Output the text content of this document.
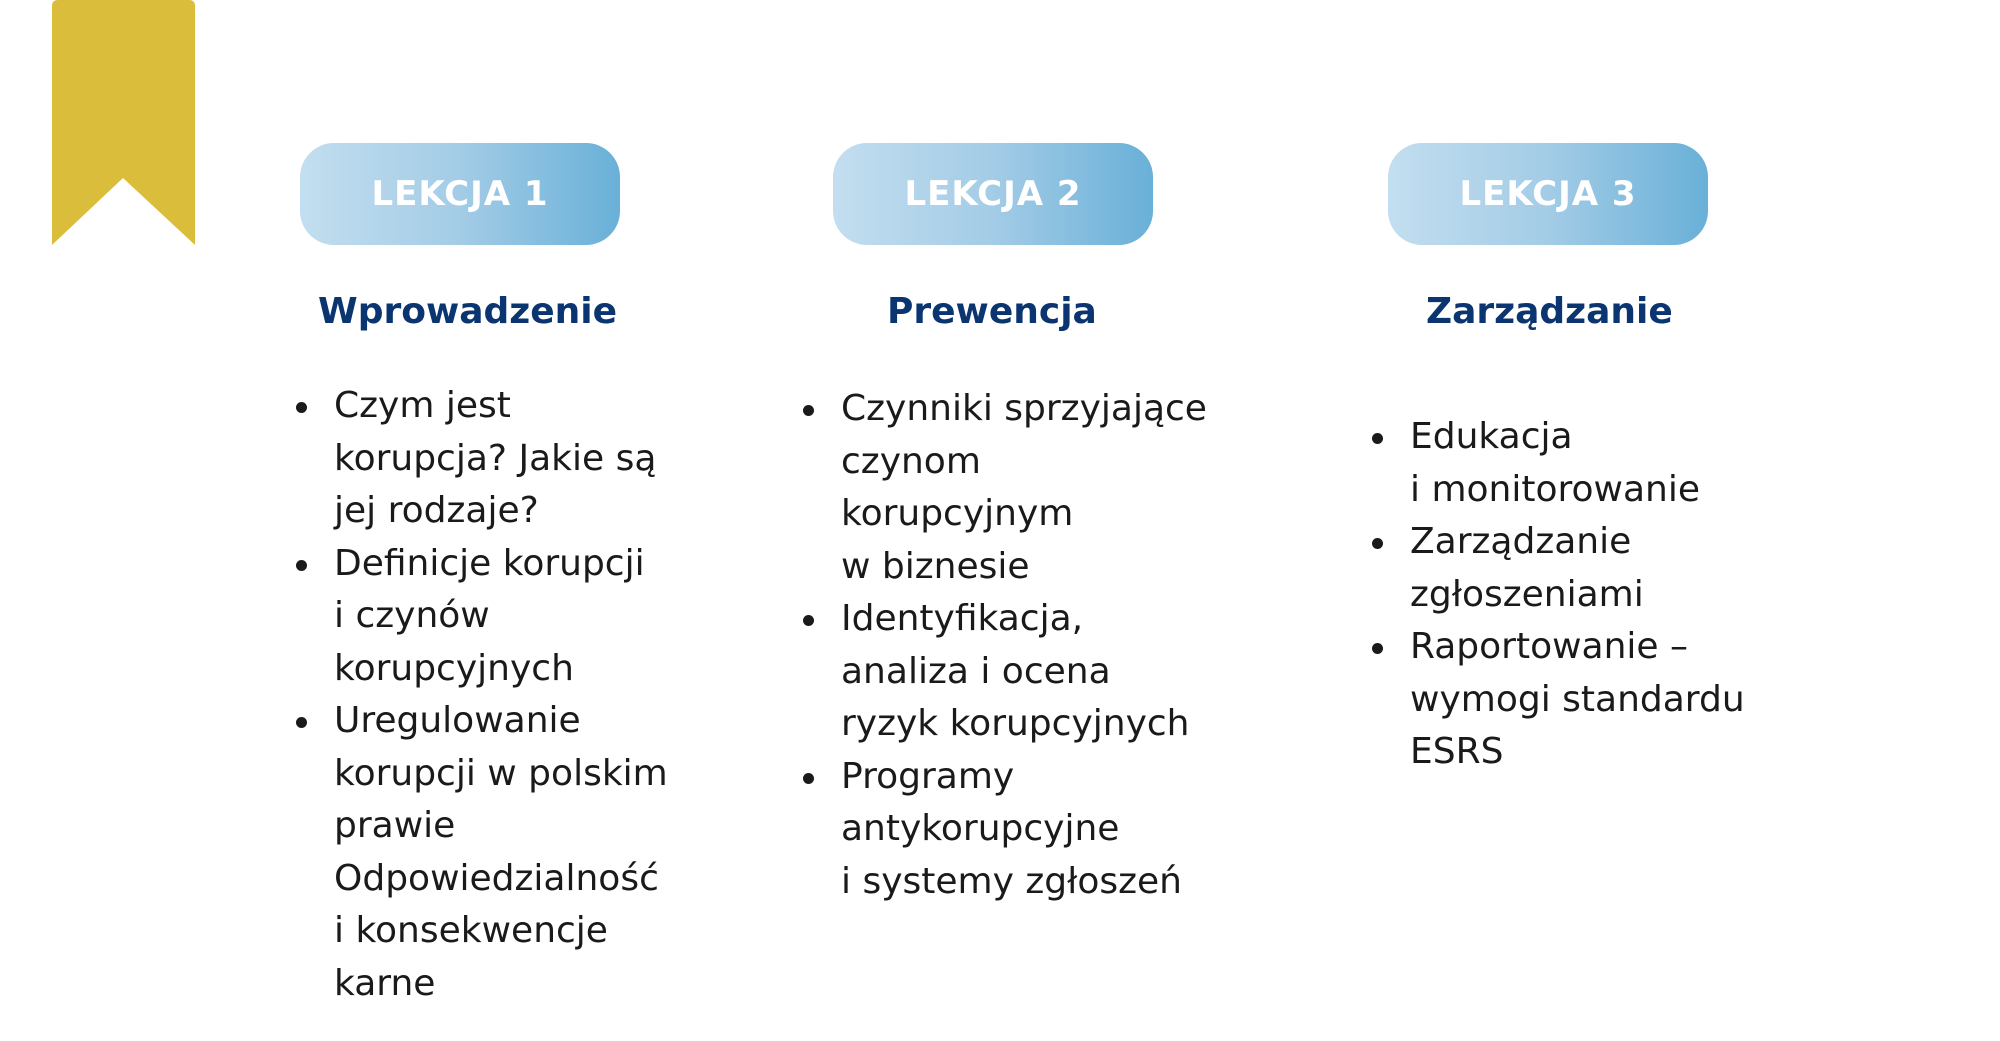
LEKCJA 1
Wprowadzenie
Czym jest
korupcja? Jakie są
jej rodzaje?
Definicje korupcji
i czynów
korupcyjnych
Uregulowanie
korupcji w polskim
prawie
Odpowiedzialność
i konsekwencje
karne
LEKCJA 2
Prewencja
Czynniki sprzyjające
czynom
korupcyjnym
w biznesie
Identyfikacja,
analiza i ocena
ryzyk korupcyjnych
Programy
antykorupcyjne
i systemy zgłoszeń
LEKCJA 3
Zarządzanie
Edukacja
i monitorowanie
Zarządzanie
zgłoszeniami
Raportowanie –
wymogi standardu
ESRS
